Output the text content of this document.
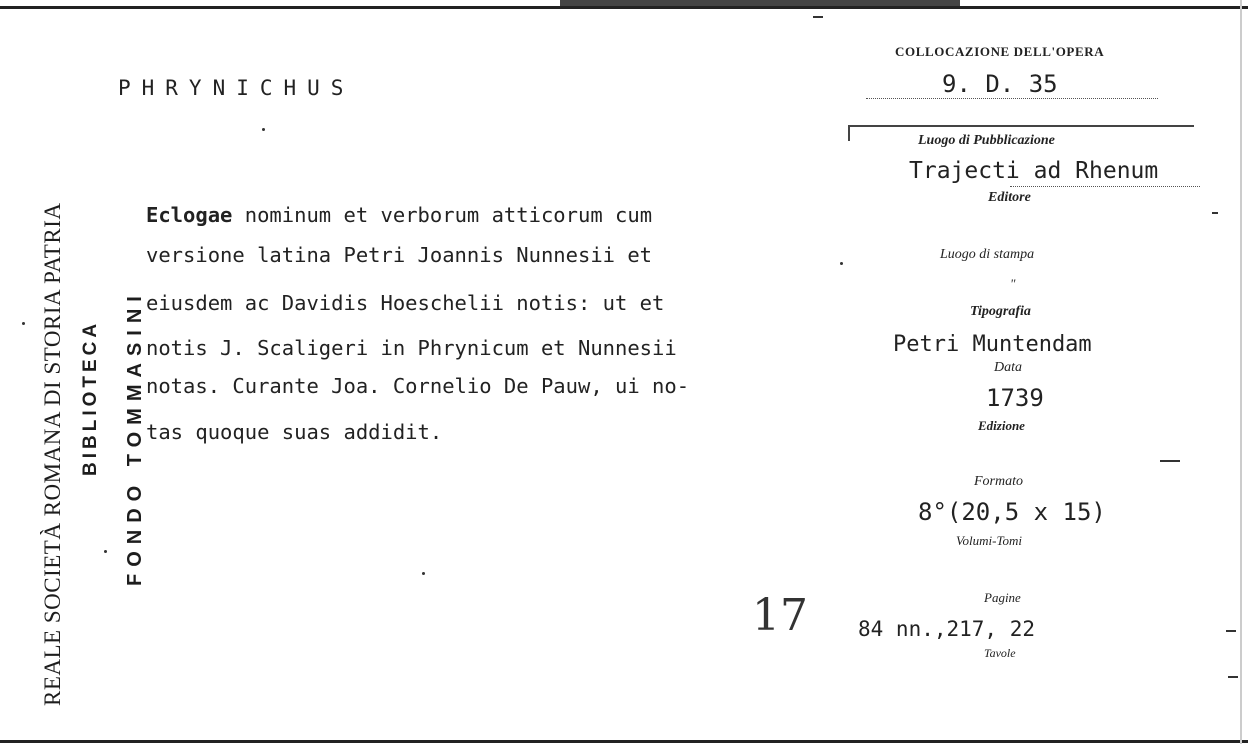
REALE SOCIETÀ ROMANA DI STORIA PATRIA BIBLIOTECA FONDO TOMMASINI
PHRYNICHUS
Eclogae nominum et verborum atticorum cum
versione latina Petri Joannis Nunnesii et
eiusdem ac Davidis Hoeschelii notis: ut et
notis J. Scaligeri in Phrynicum et Nunnesii
notas. Curante Joa. Cornelio De Pauw, ui no-
tas quoque suas addidit.
COLLOCAZIONE DELL'OPERA
9. D. 35
Luogo di Pubblicazione
Trajecti ad Rhenum
Editore
Luogo di stampa
"
Tipografia
Petri Muntendam
Data
1739
Edizione
Formato
8°(20,5 x 15)
Volumi-Tomi
Pagine
84 nn.,217, 22
Tavole
17
